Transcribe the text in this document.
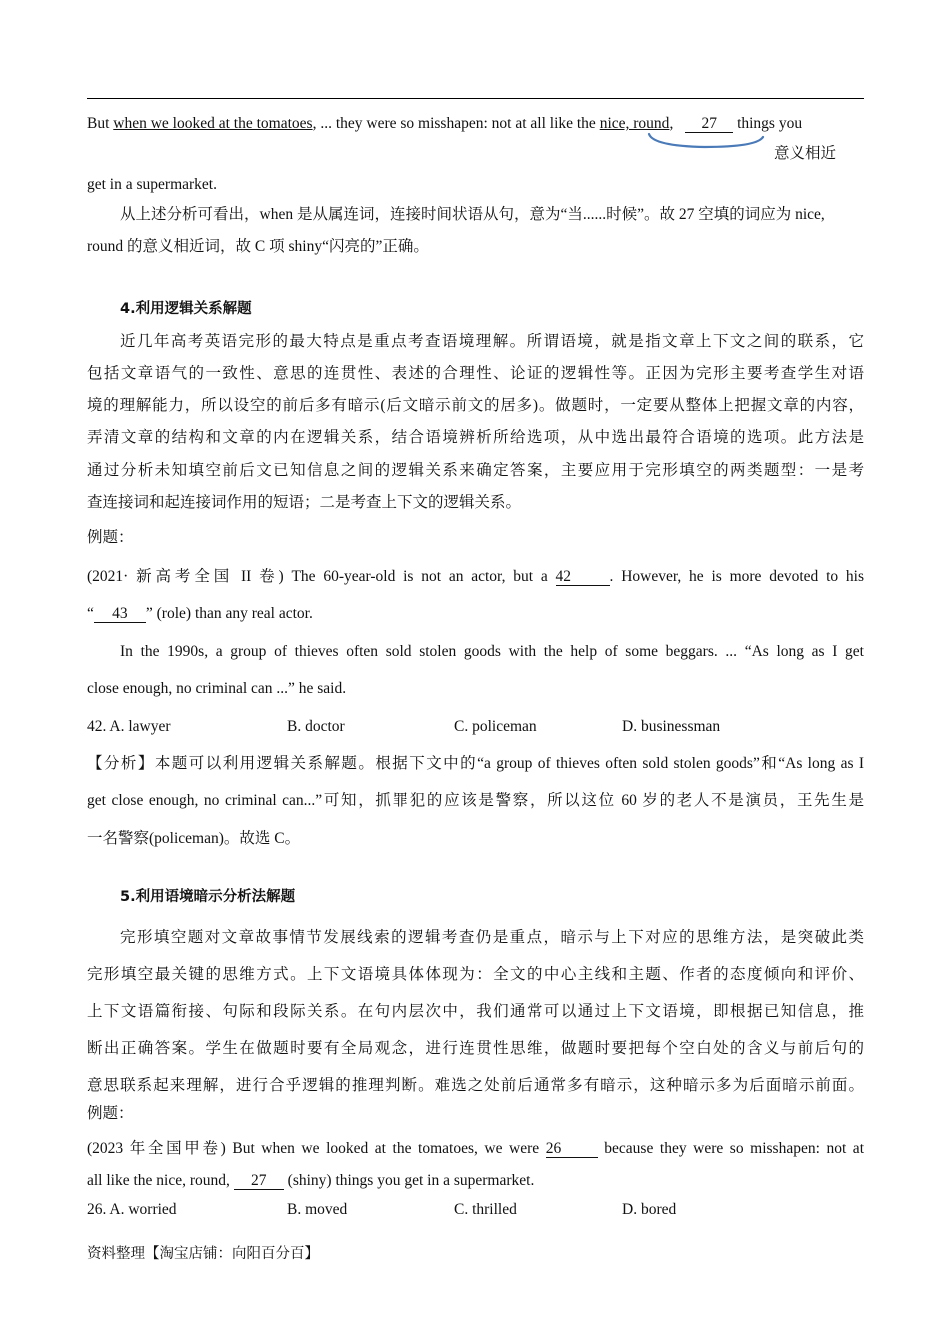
But when we looked at the tomatoes, ... they were so misshapen: not at all like the nice, round, 27 things you
意义相近
get in a supermarket.
从上述分析可看出，when 是从属连词，连接时间状语从句，意为“当......时候”。故 27 空填的词应为 nice,
round 的意义相近词，故 C 项 shiny“闪亮的”正确。
4.利用逻辑关系解题
近几年高考英语完形的最大特点是重点考查语境理解。所谓语境，就是指文章上下文之间的联系，它
包括文章语气的一致性、意思的连贯性、表述的合理性、论证的逻辑性等。正因为完形主要考查学生对语
境的理解能力，所以设空的前后多有暗示(后文暗示前文的居多)。做题时，一定要从整体上把握文章的内容，
弄清文章的结构和文章的内在逻辑关系，结合语境辨析所给选项，从中选出最符合语境的选项。此方法是
通过分析未知填空前后文已知信息之间的逻辑关系来确定答案，主要应用于完形填空的两类题型：一是考
查连接词和起连接词作用的短语；二是考查上下文的逻辑关系。
例题：
(2021· 新高考全国 II 卷) The 60-year-old is not an actor, but a 42 . However, he is more devoted to his
“ 43 ” (role) than any real actor.
In the 1990s, a group of thieves often sold stolen goods with the help of some beggars. ... “As long as I get
close enough, no criminal can ...” he said.
42. A. lawyer	B. doctor	C. policeman	D. businessman
【分析】本题可以利用逻辑关系解题。根据下文中的“a group of thieves often sold stolen goods”和“As long as I
get close enough, no criminal can...”可知，抓罪犯的应该是警察，所以这位 60 岁的老人不是演员，王先生是
一名警察(policeman)。故选 C。
5.利用语境暗示分析法解题
完形填空题对文章故事情节发展线索的逻辑考查仍是重点，暗示与上下对应的思维方法，是突破此类
完形填空最关键的思维方式。上下文语境具体体现为：全文的中心主线和主题、作者的态度倾向和评价、
上下文语篇衔接、句际和段际关系。在句内层次中，我们通常可以通过上下文语境，即根据已知信息，推
断出正确答案。学生在做题时要有全局观念，进行连贯性思维，做题时要把每个空白处的含义与前后句的
意思联系起来理解，进行合乎逻辑的推理判断。难选之处前后通常多有暗示，这种暗示多为后面暗示前面。
例题：
(2023 年全国甲卷) But when we looked at the tomatoes, we were 26 because they were so misshapen: not at
all like the nice, round, 27 (shiny) things you get in a supermarket.
26. A. worried	B. moved	C. thrilled	D. bored
资料整理【淘宝店铺：向阳百分百】
